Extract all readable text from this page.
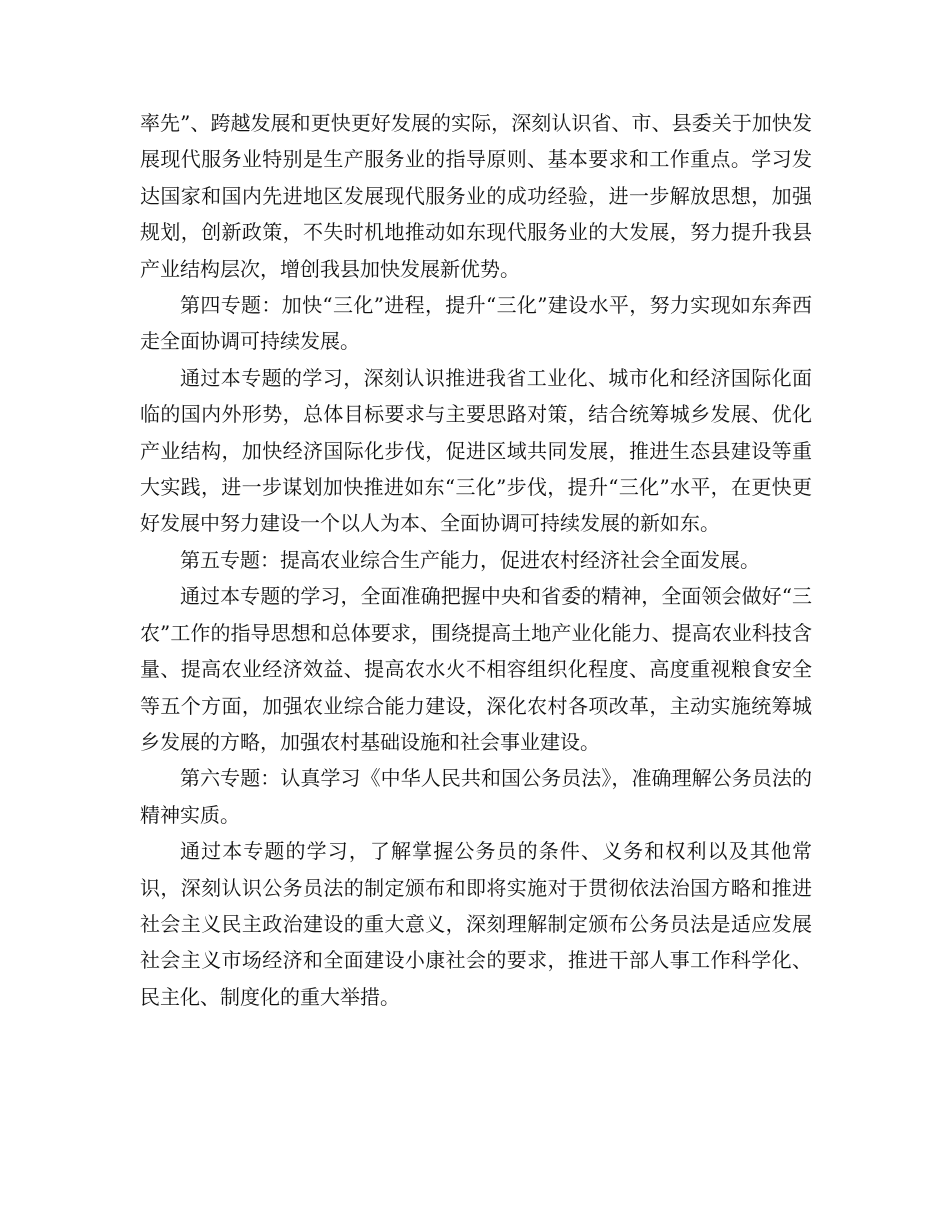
率先”、跨越发展和更快更好发展的实际，深刻认识省、市、县委关于加快发展现代服务业特别是生产服务业的指导原则、基本要求和工作重点。学习发达国家和国内先进地区发展现代服务业的成功经验，进一步解放思想，加强规划，创新政策，不失时机地推动如东现代服务业的大发展，努力提升我县产业结构层次，增创我县加快发展新优势。

第四专题：加快“三化”进程，提升“三化”建设水平，努力实现如东奔西走全面协调可持续发展。

通过本专题的学习，深刻认识推进我省工业化、城市化和经济国际化面临的国内外形势，总体目标要求与主要思路对策，结合统筹城乡发展、优化产业结构，加快经济国际化步伐，促进区域共同发展，推进生态县建设等重大实践，进一步谋划加快推进如东“三化”步伐，提升“三化”水平，在更快更好发展中努力建设一个以人为本、全面协调可持续发展的新如东。

第五专题：提高农业综合生产能力，促进农村经济社会全面发展。

通过本专题的学习，全面准确把握中央和省委的精神，全面领会做好“三农”工作的指导思想和总体要求，围绕提高土地产业化能力、提高农业科技含量、提高农业经济效益、提高农水火不相容组织化程度、高度重视粮食安全等五个方面，加强农业综合能力建设，深化农村各项改革，主动实施统筹城乡发展的方略，加强农村基础设施和社会事业建设。

第六专题：认真学习《中华人民共和国公务员法》，准确理解公务员法的精神实质。

通过本专题的学习，了解掌握公务员的条件、义务和权利以及其他常识，深刻认识公务员法的制定颁布和即将实施对于贯彻依法治国方略和推进社会主义民主政治建设的重大意义，深刻理解制定颁布公务员法是适应发展社会主义市场经济和全面建设小康社会的要求，推进干部人事工作科学化、民主化、制度化的重大举措。
